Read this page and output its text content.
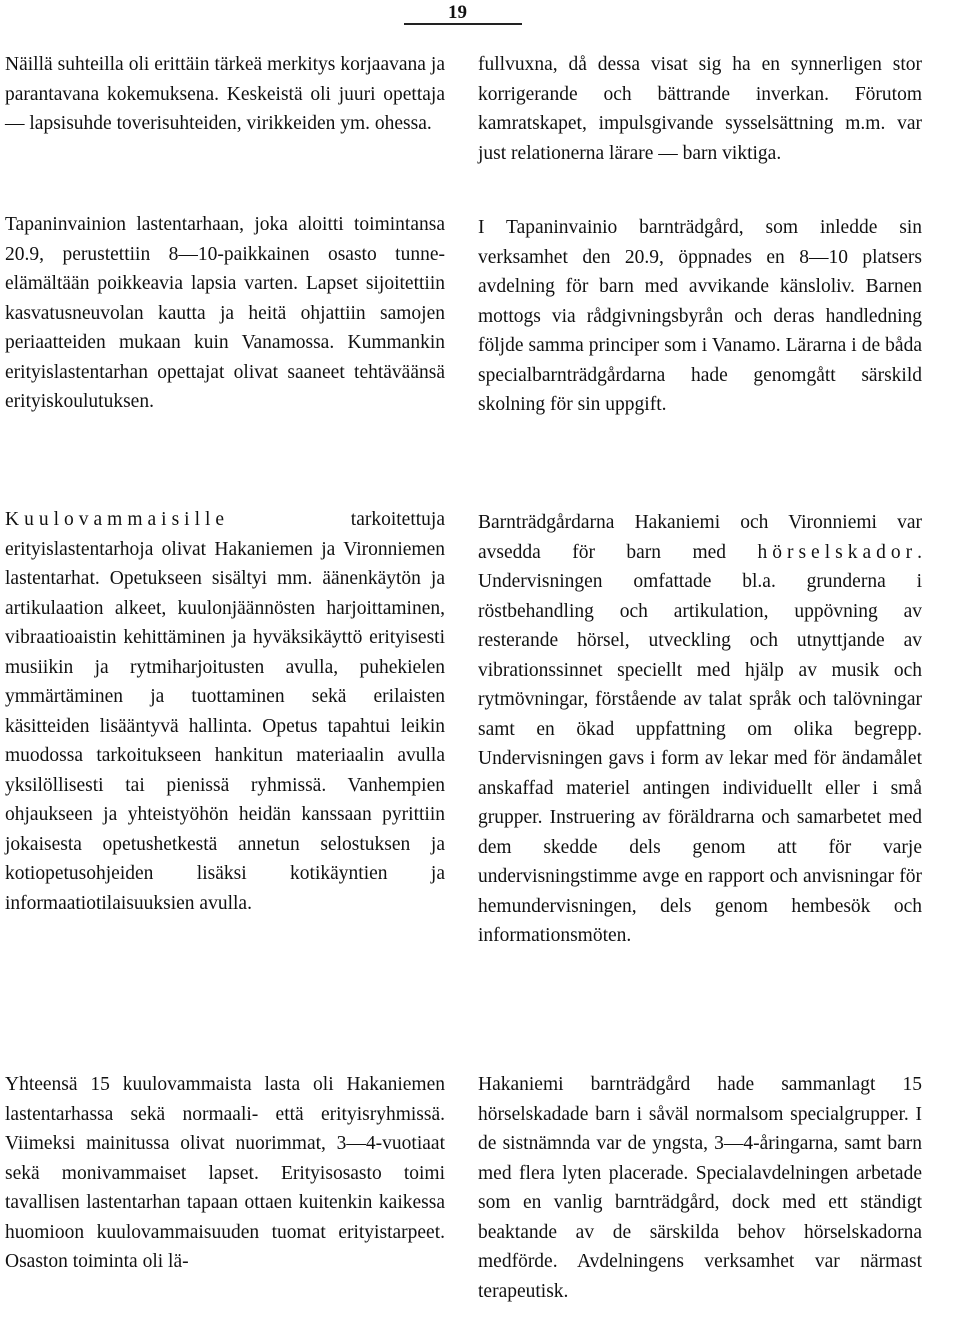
19

Näillä suhteilla oli erittäin tärkeä merkitys korjaavana ja parantavana kokemuksena. Keskeistä oli juuri opettaja — lapsisuhde toverisuhteiden, virikkeiden ym. ohessa.

Tapaninvainion lastentarhaan, joka aloitti toimintansa 20.9, perustettiin 8—10-paikkainen osasto tunne-elämältään poikkeavia lapsia varten. Lapset sijoitettiin kasvatusneuvolan kautta ja heitä ohjattiin samojen periaatteiden mukaan kuin Vanamossa. Kummankin erityislastentarhan opettajat olivat saaneet tehtäväänsä erityiskoulutuksen.

Kuulovammaisille tarkoitettuja erityislastentarhoja olivat Hakaniemen ja Vironniemen lastentarhat. Opetukseen sisältyi mm. äänenkäytön ja artikulaation alkeet, kuulonjäännösten harjoittaminen, vibraatioaistin kehittäminen ja hyväksikäyttö erityisesti musiikin ja rytmiharjoitusten avulla, puhekielen ymmärtäminen ja tuottaminen sekä erilaisten käsitteiden lisääntyvä hallinta. Opetus tapahtui leikin muodossa tarkoitukseen hankitun materiaalin avulla yksilöllisesti tai pienissä ryhmissä. Vanhempien ohjaukseen ja yhteistyöhön heidän kanssaan pyrittiin jokaisesta opetushetkestä annetun selostuksen ja kotiopetusohjeiden lisäksi kotikäyntien ja informaatiotilaisuuksien avulla.

Yhteensä 15 kuulovammaista lasta oli Hakaniemen lastentarhassa sekä normaali- että erityisryhmissä. Viimeksi mainitussa olivat nuorimmat, 3—4-vuotiaat sekä monivammaiset lapset. Erityisosasto toimi tavallisen lastentarhan tapaan ottaen kuitenkin kaikessa huomioon kuulovammaisuuden tuomat erityistarpeet. Osaston toiminta oli lä-

fullvuxna, då dessa visat sig ha en synnerligen stor korrigerande och bättrande inverkan. Förutom kamratskapet, impulsgivande sysselsättning m.m. var just relationerna lärare — barn viktiga.

I Tapaninvainio barnträdgård, som inledde sin verksamhet den 20.9, öppnades en 8—10 platsers avdelning för barn med avvikande känsloliv. Barnen mottogs via rådgivningsbyrån och deras handledning följde samma principer som i Vanamo. Lärarna i de båda specialbarnträdgårdarna hade genomgått särskild skolning för sin uppgift.

Barnträdgårdarna Hakaniemi och Vironniemi var avsedda för barn med hörselskador. Undervisningen omfattade bl.a. grunderna i röstbehandling och artikulation, uppövning av resterande hörsel, utveckling och utnyttjande av vibrationssinnet speciellt med hjälp av musik och rytmövningar, förstående av talat språk och talövningar samt en ökad uppfattning om olika begrepp. Undervisningen gavs i form av lekar med för ändamålet anskaffad materiel antingen individuellt eller i små grupper. Instruering av föräldrarna och samarbetet med dem skedde dels genom att för varje undervisningstimme avge en rapport och anvisningar för hemundervisningen, dels genom hembesök och informationsmöten.

Hakaniemi barnträdgård hade sammanlagt 15 hörselskadade barn i såväl normalsom specialgrupper. I de sistnämnda var de yngsta, 3—4-åringarna, samt barn med flera lyten placerade. Specialavdelningen arbetade som en vanlig barnträdgård, dock med ett ständigt beaktande av de särskilda behov hörselskadorna medförde. Avdelningens verksamhet var närmast terapeutisk.
